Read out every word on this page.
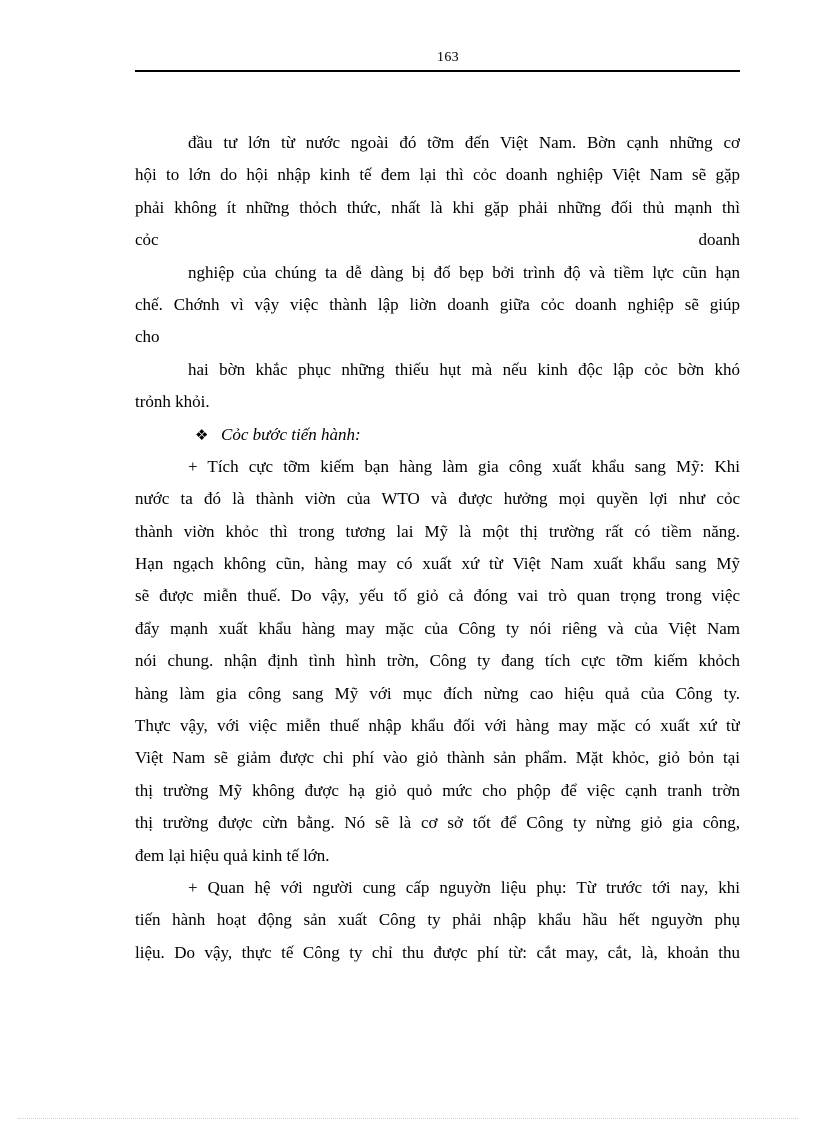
163
đầu tư lớn từ nước ngoài đó tỡm đến Việt Nam. Bờn cạnh những cơ
hội to lớn do hội nhập kinh tế đem lại thì cỏc doanh nghiệp Việt Nam sẽ gặp
phải không ít những thỏch thức, nhất là khi gặp phải những đối thủ mạnh thì
cỏc	doanh
nghiệp của chúng ta dễ dàng bị đố bẹp bởi trình độ và tiềm lực cũn hạn
chế. Chớnh vì vậy việc thành lập liờn doanh giữa cỏc doanh nghiệp sẽ giúp
cho
hai bờn khắc phục những thiếu hụt mà nếu kinh độc lập cỏc bờn khó
trỏnh khỏi.
❖ Cỏc bước tiến hành:
+ Tích cực tỡm kiếm bạn hàng làm gia công xuất khẩu sang Mỹ: Khi
nước ta đó là thành viờn của WTO và được hưởng mọi quyền lợi như cỏc
thành viờn khỏc thì trong tương lai Mỹ là một thị trường rất có tiềm năng.
Hạn ngạch không cũn, hàng may có xuất xứ từ Việt Nam xuất khẩu sang Mỹ
sẽ được miễn thuế. Do vậy, yếu tố giỏ cả đóng vai trò quan trọng trong việc
đẩy mạnh xuất khẩu hàng may mặc của Công ty nói riêng và của Việt Nam
nói chung. nhận định tình hình trờn, Công ty đang tích cực tỡm kiếm khỏch
hàng làm gia công sang Mỹ với mục đích nừng cao hiệu quả của Công ty.
Thực vậy, với việc miễn thuế nhập khẩu đối với hàng may mặc có xuất xứ từ
Việt Nam sẽ giảm được chi phí vào giỏ thành sản phẩm. Mặt khỏc, giỏ bỏn tại
thị trường Mỹ không được hạ giỏ quỏ mức cho phộp để việc cạnh tranh trờn
thị trường được cừn bằng. Nó sẽ là cơ sở tốt để Công ty nừng giỏ gia công,
đem lại hiệu quả kinh tế lớn.
+ Quan hệ với người cung cấp nguyờn liệu phụ: Từ trước tới nay, khi
tiến hành hoạt động sản xuất Công ty phải nhập khẩu hầu hết nguyờn phụ
liệu. Do vậy, thực tế Công ty chỉ thu được phí từ: cắt may, cắt, là, khoản thu
